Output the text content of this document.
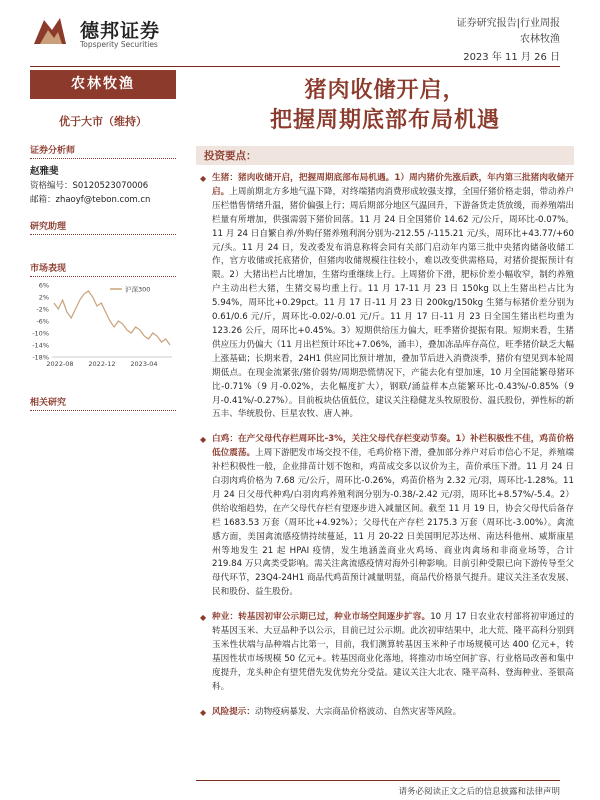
德邦证券
Topsperity Securities
证券研究报告|行业周报
农林牧渔
2023 年 11 月 26 日
农林牧渔
优于大市（维持）
证券分析师
赵雅斐
资格编号：S0120523070006
邮箱：zhaoyf@tebon.com.cn
研究助理
市场表现
6%
2%
-2%
-6%
-10%
-14%
-18%
2022-08 2022-12 2023-04
沪深300
相关研究
猪肉收储开启，
把握周期底部布局机遇
投资要点：
◆ 生猪：猪肉收储开启，把握周期底部布局机遇。1）周内猪价先涨后跌，年内第三批猪肉收储开启。上周前期北方多地气温下降，对终端猪肉消费形成较强支撑，全国仔猪价格走弱，带动养户压栏惜售情绪升温，猪价偏强上行；周后期部分地区气温回升，下游备货走货放缓，而养殖端出栏量有所增加，供强需弱下猪价回落。11 月 24 日全国猪价 14.62 元/公斤，周环比-0.07%。11 月 24 日自繁自养/外购仔猪养殖利润分别为-212.55 /-115.21 元/头，周环比+43.77/+60 元/头。11 月 24 日，发改委发布消息称将会同有关部门启动年内第三批中央猪肉储备收储工作，官方收储或托底猪价，但猪肉收储规模往往较小，难以改变供需格局，对猪价提振预计有限。2）大猪出栏占比增加，生猪均重继续上行。上周猪价下滑，肥标价差小幅收窄，制约养殖户主动出栏大猪，生猪交易均重上行。11 月 17-11 月 23 日 150kg 以上生猪出栏占比为 5.94%，周环比+0.29pct。11 月 17 日-11 月 23 日 200kg/150kg 生猪与标猪价差分别为 0.61/0.6 元/斤，周环比-0.02/-0.01 元/斤。11 月 17 日-11 月 23 日全国生猪出栏均重为 123.26 公斤，周环比+0.45%。3）短期供给压力偏大，旺季猪价提振有限。短期来看，生猪供应压力仍偏大（11 月出栏预计环比+7.06%，涌丰），叠加冻品库存高位，旺季猪价缺乏大幅上涨基础；长期来看，24H1 供应同比预计增加，叠加节后进入消费淡季，猪价有望见到本轮周期低点。在现金流紧张/猪价弱势/周期恐慌情况下，产能去化有望加速，10 月全国能繁母猪环比-0.71%（9 月-0.02%，去化幅度扩大），钢联/涌益样本点能繁环比-0.43%/-0.85%（9 月-0.41%/-0.27%）。目前板块估值低位，建议关注稳健龙头牧原股份、温氏股份，弹性标的新五丰、华统股份、巨星农牧、唐人神。
◆ 白鸡：在产父母代存栏周环比-3%，关注父母代存栏变动节奏。1）补栏积极性不佳，鸡苗价格低位震荡。上周下游肥发市场交投不佳，毛鸡价格下滑，叠加部分养户对后市信心不足，养殖端补栏积极性一般，企业排苗计划不饱和，鸡苗成交多以议价为主，苗价承压下滑。11 月 24 日白羽肉鸡价格为 7.68 元/公斤，周环比-0.26%，鸡苗价格为 2.32 元/羽，周环比-1.28%。11 月 24 日父母代种鸡/白羽肉鸡养殖利润分别为-0.38/-2.42 元/羽，周环比+8.57%/-5.4。2）供给收缩趋势，在产父母代存栏有望逐步进入减量区间。截至 11 月 19 日，协会父母代后备存栏 1683.53 万套（周环比+4.92%）；父母代在产存栏 2175.3 万套（周环比-3.00%）。禽流感方面，美国禽流感疫情持续蔓延，11 月 20-22 日美国明尼苏达州、南达科他州、威斯康星州等地发生 21 起 HPAI 疫情，发生地涵盖商业火鸡场、商业肉禽场和非商业场等，合计 219.84 万只禽类受影响。需关注禽流感疫情对海外引种影响。目前引种受限已向下游传导至父母代环节，23Q4-24H1 商品代鸡苗预计减量明显，商品代价格景气提升。建议关注圣农发展、民和股份、益生股份。
◆ 种业：转基因初审公示期已过，种业市场空间逐步扩容。10 月 17 日农业农村部将初审通过的转基因玉米、大豆品种予以公示，目前已过公示期。此次初审结果中，北大荒、隆平高科分别到玉米性状端与品种端占比第一，目前，我们测算转基因玉米种子市场规模可达 400 亿元+，转基因性状市场规模 50 亿元+。转基因商业化落地，将推动市场空间扩容、行业格局改善和集中度提升，龙头种企有望凭借先发优势充分受益。建议关注大北农、隆平高科、登海种业、荃银高科。
◆ 风险提示：动物疫病暴发、大宗商品价格波动、自然灾害等风险。
请务必阅读正文之后的信息披露和法律声明
